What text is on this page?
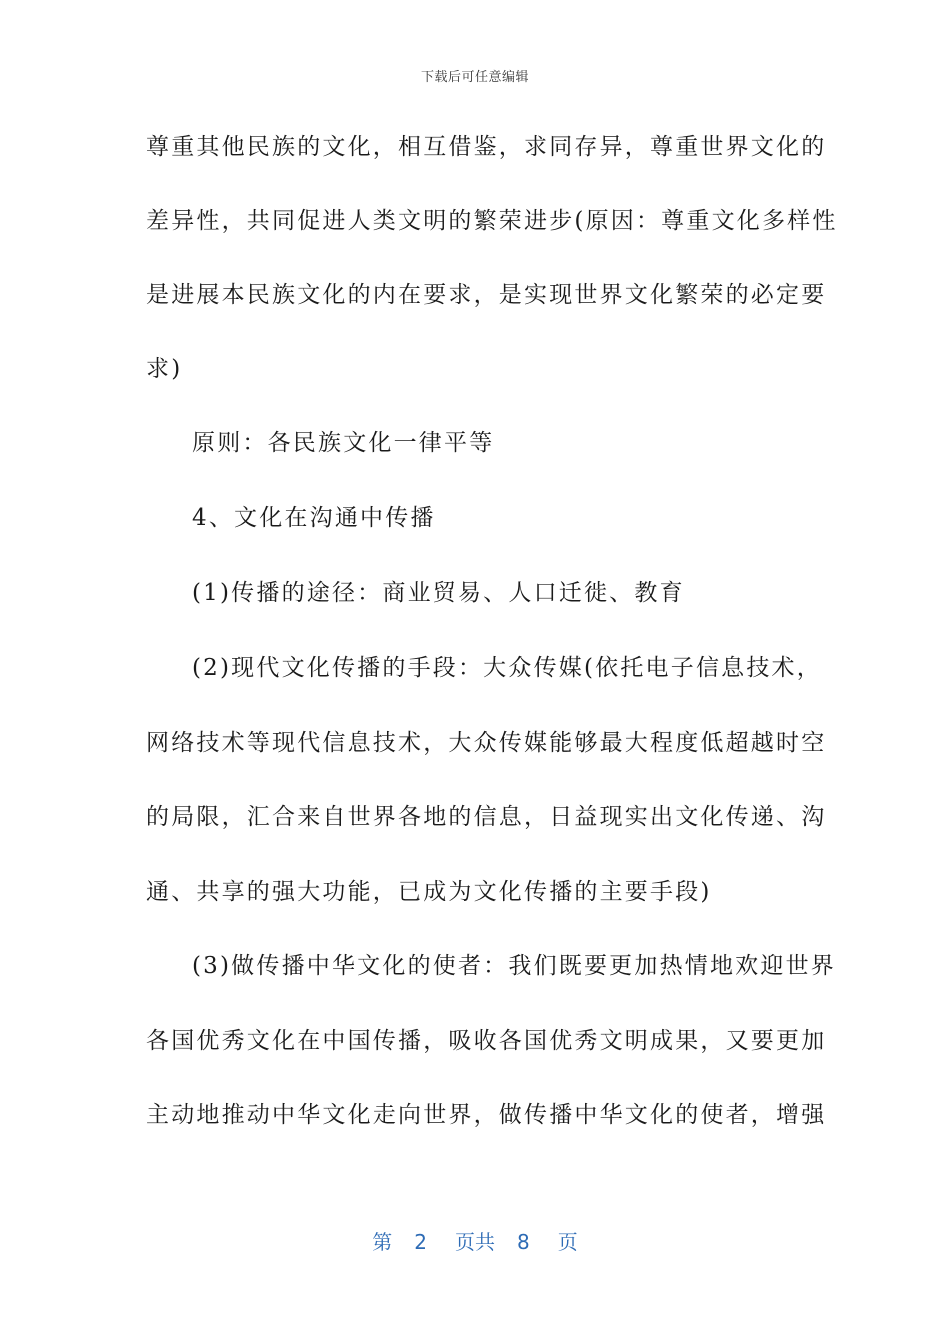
下载后可任意编辑
尊重其他民族的文化，相互借鉴，求同存异，尊重世界文化的
差异性，共同促进人类文明的繁荣进步(原因：尊重文化多样性
是进展本民族文化的内在要求，是实现世界文化繁荣的必定要
求)
原则：各民族文化一律平等
4、文化在沟通中传播
(1)传播的途径：商业贸易、人口迁徙、教育
(2)现代文化传播的手段：大众传媒(依托电子信息技术，
网络技术等现代信息技术，大众传媒能够最大程度低超越时空
的局限，汇合来自世界各地的信息，日益现实出文化传递、沟
通、共享的强大功能，已成为文化传播的主要手段)
(3)做传播中华文化的使者：我们既要更加热情地欢迎世界
各国优秀文化在中国传播，吸收各国优秀文明成果，又要更加
主动地推动中华文化走向世界，做传播中华文化的使者，增强
第 2 页共 8 页
